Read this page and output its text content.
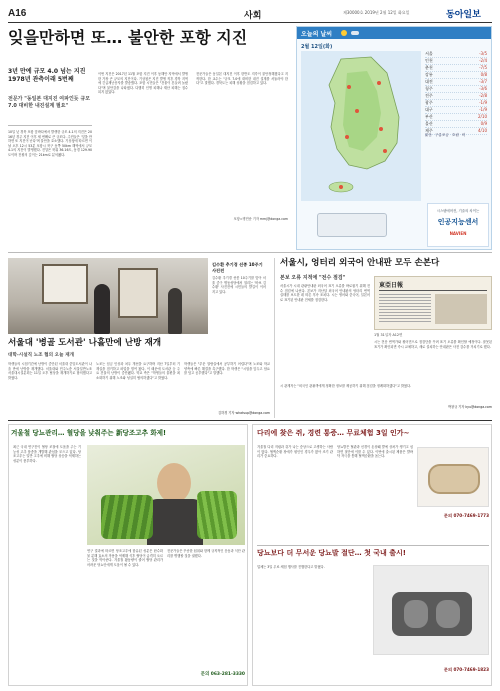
A16	사회	제30000호 2019년 2월 12일 화요일	동아일보
잊을만하면 또… 불안한 포항 지진
3년 만에 규모 4.0 넘는 지진 1978년 관측이래 5번째
전문가 "동일본 대지진 여파인듯 규모 7.0 대비한 내진설계 필요"
10일 낮 경북 포항 앞바다에서 발생한 규모 4.1의 지진은 2016년 경주 지진 이후 세 번째로 큰 규모다. 주민들은 '잊을 만하면 또 지진이 난다'며 불안을 호소했다. 기상청에 따르면 이날 오후 12시 53분 포항시 북구 동쪽 50km 해역에서 규모 4.1의 지진이 발생했다. 진앙은 북위 36.16도, 동경 129.90도이며 진원의 깊이는 21km로 분석됐다.
이번 지진은 2017년 11월 포항 지진 이후 동해안 지역에서 발생한 가장 큰 규모의 지진이다. 기상청은 지진 발생 직후 경북 지역에 긴급재난문자를 발송했다. 포항 시민들은 "건물이 흔들려 놀랐다"며 불안감을 나타냈다. 다행히 인명 피해나 재산 피해는 접수되지 않았다.
전문가들은 동일본 대지진 이후 한반도 지각이 불안정해졌다고 지적한다. 한 교수는 "규모 7.0에 대비한 내진 설계를 서둘러야 한다"고 말했다. 경북도는 피해 상황을 점검하고 있다.
포항=명민준 기자 mmj@donga.com
오늘의 날씨
2월 12일(화)
서울	-3/5
인천	-2/4
춘천	-7/5
강릉	0/8
대전	-3/7
청주	-3/6
전주	-2/8
광주	-1/9
대구	-1/9
부산	2/10
울산	0/9
제주	4/10
맑음 구름조금 흐림 비
시스템에어컨, 기술의 차이는
인공지능센서
NAVIEN
김수환 추기경 선종 10주기 사진전
김수환 추기경 선종 10주기를 맞아 서울 중구 명동성당에서 열리는 '바보 김수환' 사진전에 시민들의 발길이 이어지고 있다.
서울대 '병골 도서관' 나흘만에 난방 재개
대학-시설직 노조 협의 오늘 재개
학생들의 시험기간에 난방이 중단된 서울대 중앙도서관이 나흘 만에 난방을 재개했다. 서울대와 민주노총 서울일반노조 서울대시설분회는 11일 오후 협상을 재개하기로 합의했다고 밝혔다.
노조는 임금 인상과 처우 개선을 요구하며 지난 7일부터 기계실을 점거하고 파업을 벌여 왔다. 이 때문에 도서관 등 주요 건물의 난방이 중단됐다. 학교 측은 "학생들의 불편을 최소화하기 위해 노조와 성실히 협의하겠다"고 밝혔다.
학생들은 "추운 열람실에서 공부하기 어렵다"며 노조와 학교 양측에 빠른 해결을 촉구했다. 한 학생은 "시험을 앞두고 담요를 덮고 공부했다"고 말했다.
김하경 기자 whatsup@donga.com
서울시, 엉터리 외국어 안내판 모두 손본다
본보 오류 지적에 "전수 점검"
서울시가 시내 관광안내판 외국어 표기 오류를 바로잡기 위해 전수 점검에 나선다. 본보가 지난달 외국어 안내판의 엉터리 번역 실태를 보도한 데 따른 후속 조치다. 시는 영어와 중국어, 일본어로 표기된 안내판 전체를 점검한다.
東亞日報
1월 31일자 A12면
시는 전문 번역가와 원어민으로 점검단을 꾸려 표기 오류를 확인할 예정이다. 잘못된 표기가 확인되면 즉시 교체하고, 새로 설치하는 안내판은 사전 감수를 거치기로 했다.
시 관계자는 "외국인 관광객에게 정확한 정보를 제공하기 위해 점검을 정례화하겠다"고 밝혔다.
박창규 기자 kyu@donga.com
겨울철 당뇨관리… 혈당을 낮춰주는 新당조고추 화제!
최근 국내 연구진이 혈당 조절에 도움을 주는 기능성 고추 품종을 개발해 관심을 모으고 있다. 당조고추는 일반 고추에 비해 혈당 상승을 억제하는 성분이 풍부하다.
연구 결과에 따르면 당조고추에 함유된 성분은 탄수화물 분해 효소의 작용을 억제해 식후 혈당이 급격히 오르는 것을 막아준다. 겨울철 활동량이 줄어 혈당 관리가 어려운 당뇨인에게 도움이 될 수 있다.
전문가들은 꾸준한 섭취와 함께 규칙적인 운동과 식단 관리를 병행할 것을 권했다.
문의 063-281-3330
다리에 찾은 쥐, 경련 통증… 무료체험 3일 인가~
겨울철 다리 저림과 쥐가 나는 증상으로 고생하는 사람이 많다. 혈액순환 장애가 원인인 경우가 많아 조기 관리가 중요하다.
당뇨발은 혈관과 신경이 손상돼 발에 상처가 생기고 심하면 절단에 이를 수 있다. 이번에 출시된 제품은 발바닥 자극을 통해 혈액순환을 돕는다.
문의 070-7469-1773
당뇨보다 더 무서운 당뇨발 절단… 첫 국내 출시!
업체는 3일 무료 체험 행사를 진행한다고 밝혔다.
문의 070-7469-1823
